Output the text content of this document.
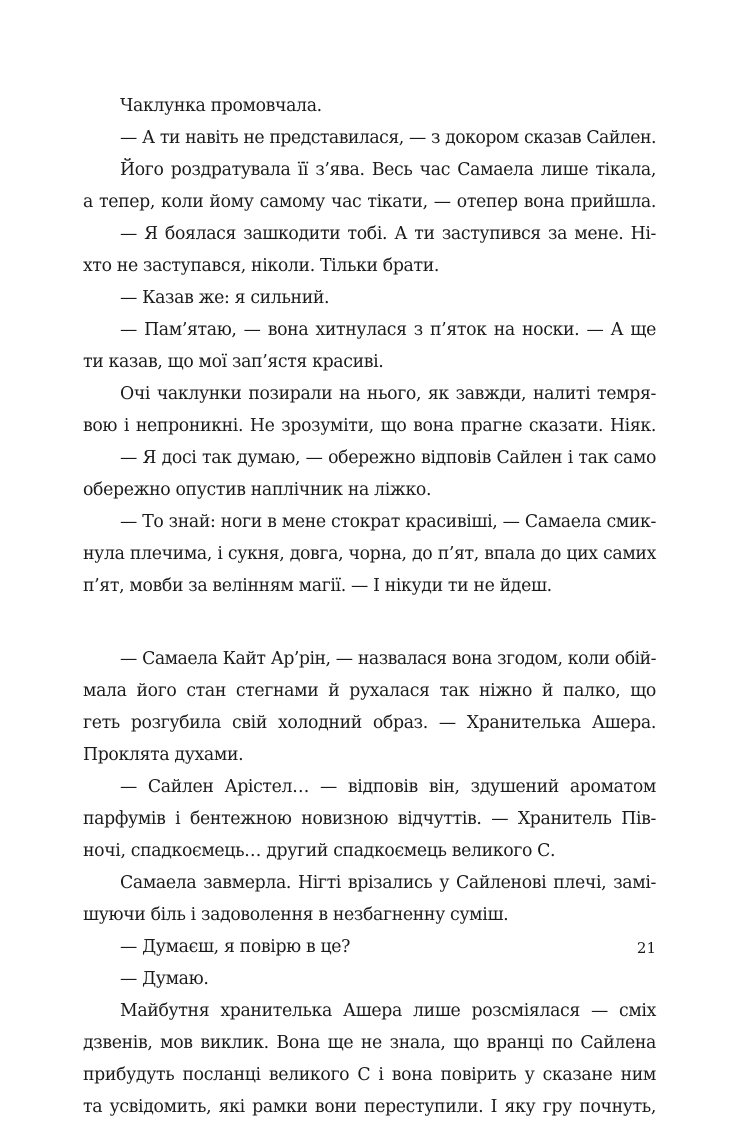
Чаклунка промовчала.
— А ти навіть не представилася, — з докором сказав Сайлен.
Його роздратувала її з’ява. Весь час Самаела лише тікала,
а тепер, коли йому самому час тікати, — отепер вона прийшла.
— Я боялася зашкодити тобі. А ти заступився за мене. Ні-
хто не заступався, ніколи. Тільки брати.
— Казав же: я сильний.
— Пам’ятаю, — вона хитнулася з п’яток на носки. — А ще
ти казав, що мої зап’ястя красиві.
Очі чаклунки позирали на нього, як завжди, налиті темря-
вою і непроникні. Не зрозуміти, що вона прагне сказати. Ніяк.
— Я досі так думаю, — обережно відповів Сайлен і так само
обережно опустив наплічник на ліжко.
— То знай: ноги в мене стократ красивіші, — Самаела смик-
нула плечима, і сукня, довга, чорна, до п’ят, впала до цих самих
п’ят, мовби за велінням магії. — І нікуди ти не йдеш.
— Самаела Кайт Ар’рін, — назвалася вона згодом, коли обій-
мала його стан стегнами й рухалася так ніжно й палко, що
геть розгубила свій холодний образ. — Хранителька Ашера.
Проклята духами.
— Сайлен Арістел… — відповів він, здушений ароматом
парфумів і бентежною новизною відчуттів. — Хранитель Пів-
ночі, спадкоємець… другий спадкоємець великого С.
Самаела завмерла. Нігті врізались у Сайленові плечі, замі-
шуючи біль і задоволення в незбагненну суміш.
— Думаєш, я повірю в це?
— Думаю.
Майбутня хранителька Ашера лише розсміялася — сміх
дзвенів, мов виклик. Вона ще не знала, що вранці по Сайлена
прибудуть посланці великого С і вона повірить у сказане ним
та усвідомить, які рамки вони переступили. І яку гру почнуть,
21
